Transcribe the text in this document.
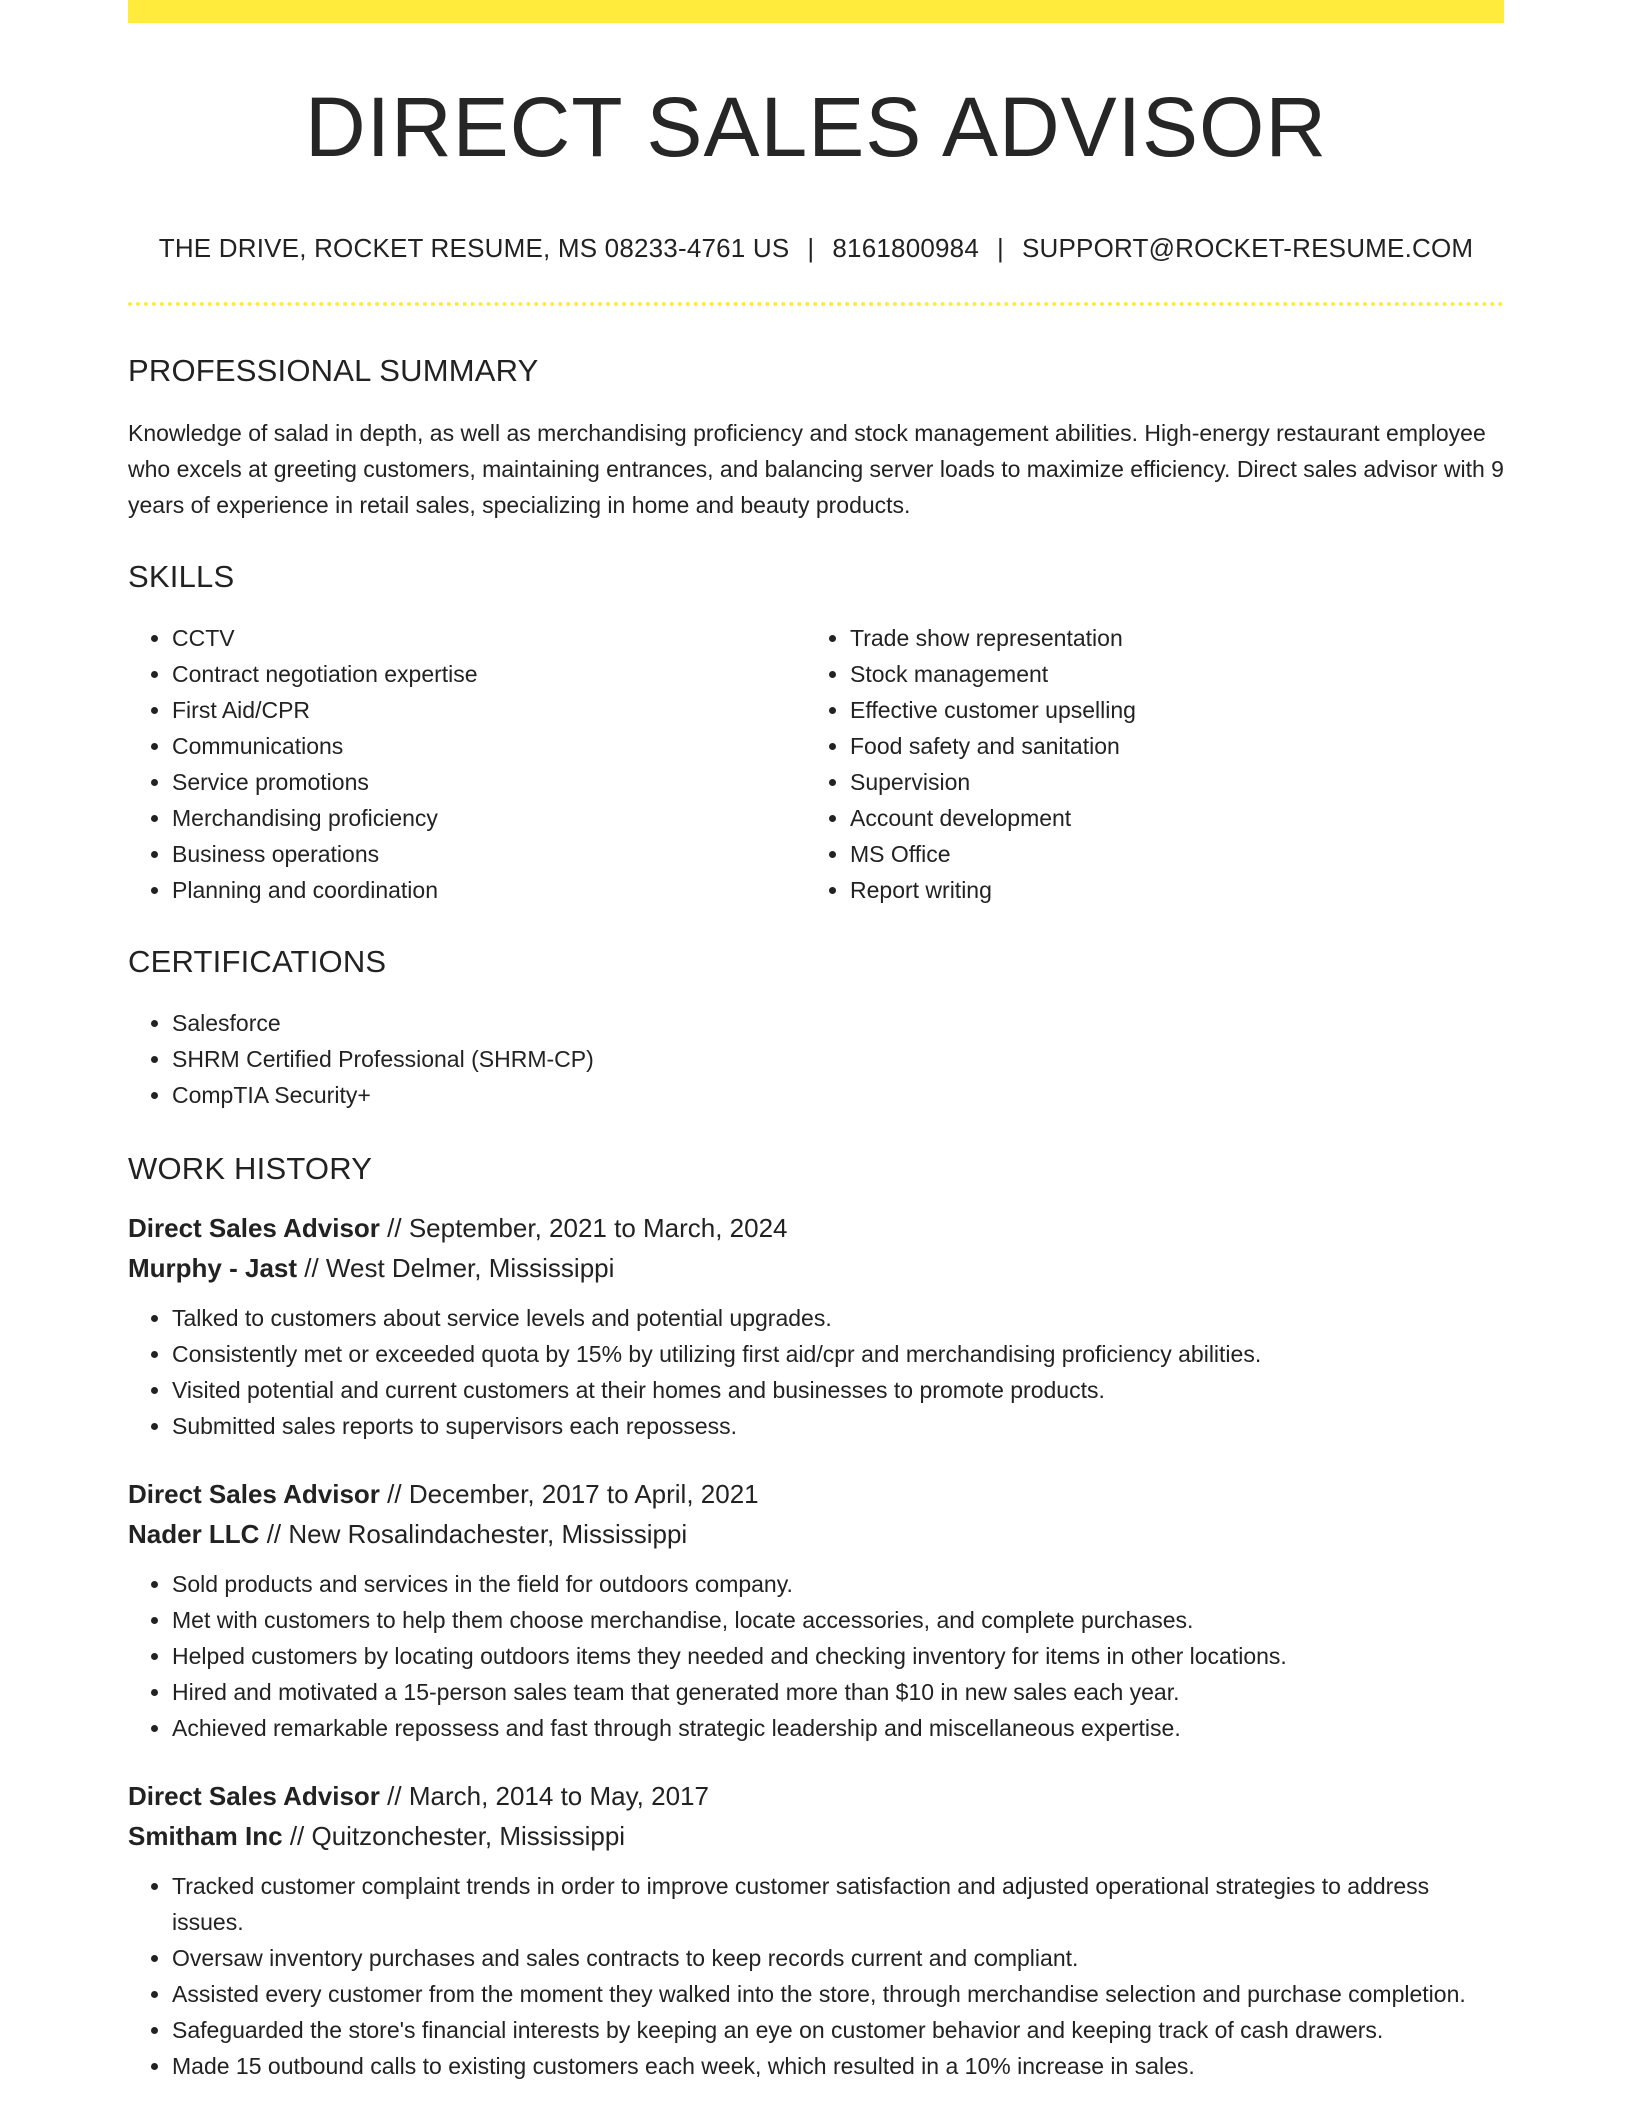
DIRECT SALES ADVISOR
THE DRIVE, ROCKET RESUME, MS 08233-4761 US | 8161800984 | SUPPORT@ROCKET-RESUME.COM
PROFESSIONAL SUMMARY

Knowledge of salad in depth, as well as merchandising proficiency and stock management abilities. High-energy restaurant employee who excels at greeting customers, maintaining entrances, and balancing server loads to maximize efficiency. Direct sales advisor with 9 years of experience in retail sales, specializing in home and beauty products.

SKILLS
• CCTV
• Contract negotiation expertise
• First Aid/CPR
• Communications
• Service promotions
• Merchandising proficiency
• Business operations
• Planning and coordination
• Trade show representation
• Stock management
• Effective customer upselling
• Food safety and sanitation
• Supervision
• Account development
• MS Office
• Report writing
CERTIFICATIONS
• Salesforce
• SHRM Certified Professional (SHRM-CP)
• CompTIA Security+
WORK HISTORY
Direct Sales Advisor // September, 2021 to March, 2024
Murphy - Jast // West Delmer, Mississippi
• Talked to customers about service levels and potential upgrades.
• Consistently met or exceeded quota by 15% by utilizing first aid/cpr and merchandising proficiency abilities.
• Visited potential and current customers at their homes and businesses to promote products.
• Submitted sales reports to supervisors each repossess.
Direct Sales Advisor // December, 2017 to April, 2021
Nader LLC // New Rosalindachester, Mississippi
• Sold products and services in the field for outdoors company.
• Met with customers to help them choose merchandise, locate accessories, and complete purchases.
• Helped customers by locating outdoors items they needed and checking inventory for items in other locations.
• Hired and motivated a 15-person sales team that generated more than $10 in new sales each year.
• Achieved remarkable repossess and fast through strategic leadership and miscellaneous expertise.
Direct Sales Advisor // March, 2014 to May, 2017
Smitham Inc // Quitzonchester, Mississippi
• Tracked customer complaint trends in order to improve customer satisfaction and adjusted operational strategies to address issues.
• Oversaw inventory purchases and sales contracts to keep records current and compliant.
• Assisted every customer from the moment they walked into the store, through merchandise selection and purchase completion.
• Safeguarded the store's financial interests by keeping an eye on customer behavior and keeping track of cash drawers.
• Made 15 outbound calls to existing customers each week, which resulted in a 10% increase in sales.
